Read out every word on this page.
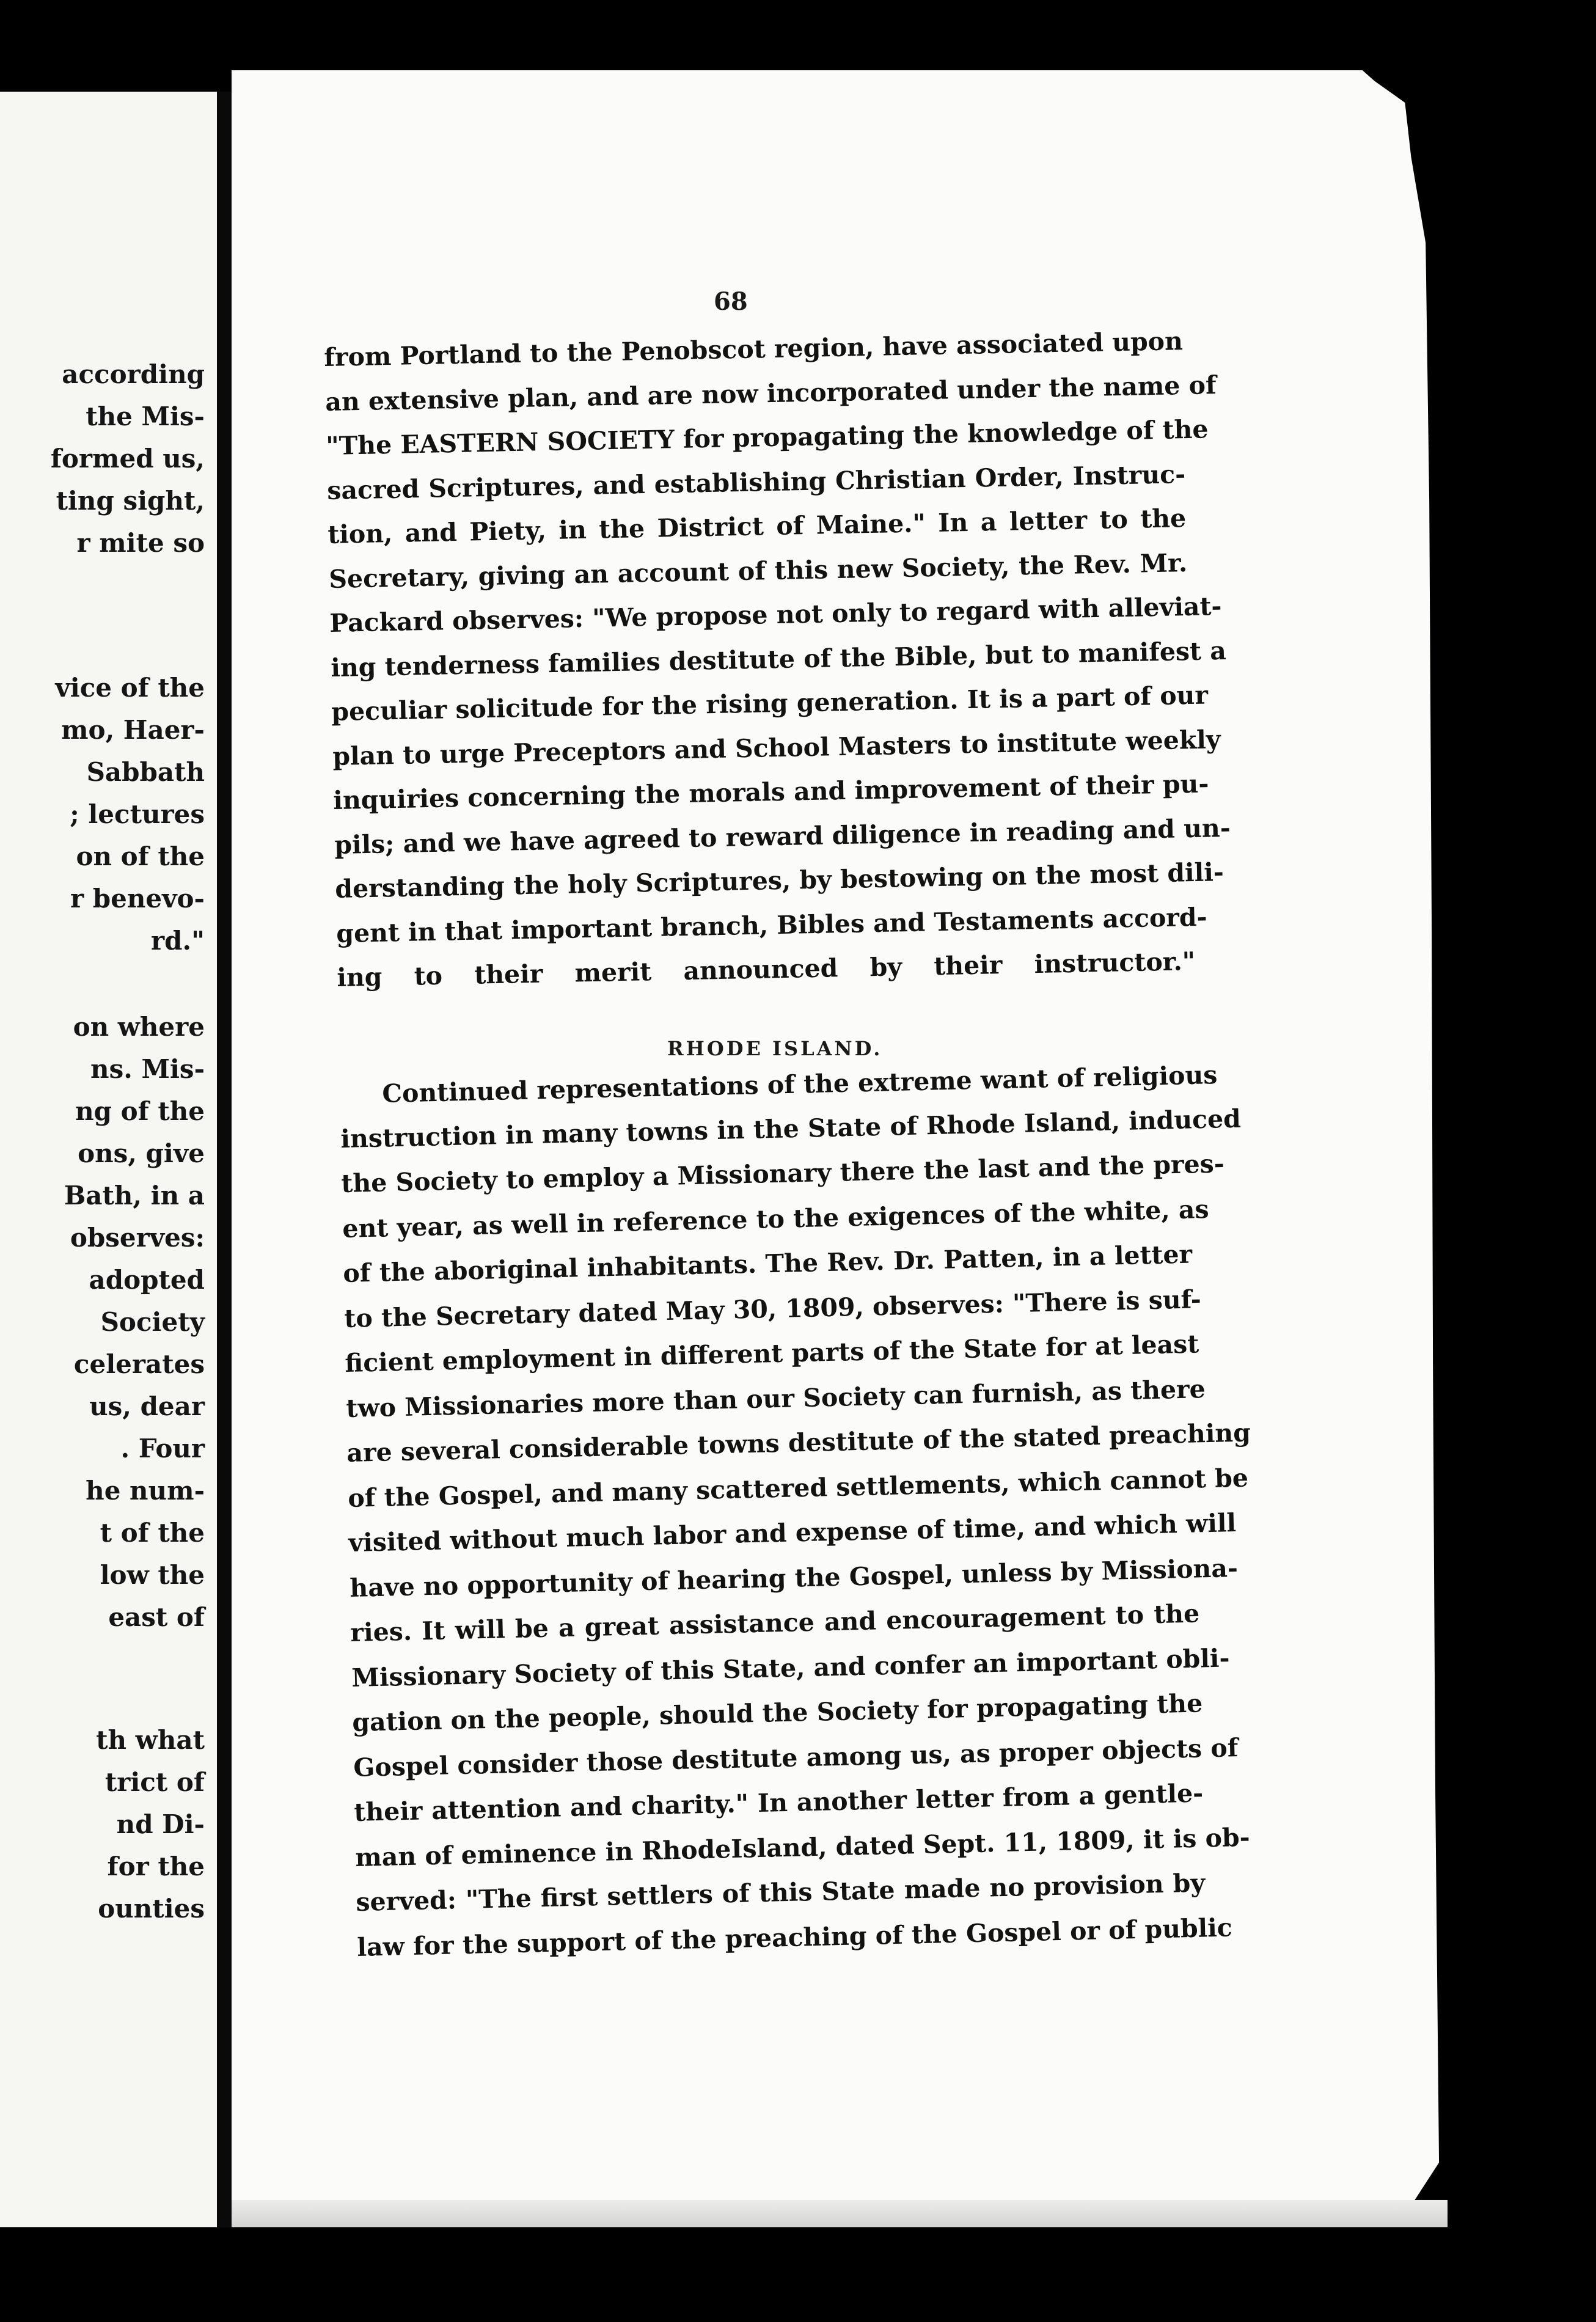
according
the Mis-
formed us,
ting sight,
r mite so
vice of the
mo, Haer-
Sabbath
; lectures
on of the
r benevo-
rd."
on where
ns. Mis-
ng of the
ons, give
Bath, in a
observes:
adopted
Society
celerates
us, dear
. Four
he num-
t of the
low the
east of
th what
trict of
nd Di-
for the
ounties
68
from Portland to the Penobscot region, have associated upon
an extensive plan, and are now incorporated under the name of
"The EASTERN SOCIETY for propagating the knowledge of the
sacred Scriptures, and establishing Christian Order, Instruc-
tion, and Piety, in the District of Maine." In a letter to the
Secretary, giving an account of this new Society, the Rev. Mr.
Packard observes: "We propose not only to regard with alleviat-
ing tenderness families destitute of the Bible, but to manifest a
peculiar solicitude for the rising generation. It is a part of our
plan to urge Preceptors and School Masters to institute weekly
inquiries concerning the morals and improvement of their pu-
pils; and we have agreed to reward diligence in reading and un-
derstanding the holy Scriptures, by bestowing on the most dili-
gent in that important branch, Bibles and Testaments accord-
ing to their merit announced by their instructor."
RHODE ISLAND.
Continued representations of the extreme want of religious
instruction in many towns in the State of Rhode Island, induced
the Society to employ a Missionary there the last and the pres-
ent year, as well in reference to the exigences of the white, as
of the aboriginal inhabitants. The Rev. Dr. Patten, in a letter
to the Secretary dated May 30, 1809, observes: "There is suf-
ficient employment in different parts of the State for at least
two Missionaries more than our Society can furnish, as there
are several considerable towns destitute of the stated preaching
of the Gospel, and many scattered settlements, which cannot be
visited without much labor and expense of time, and which will
have no opportunity of hearing the Gospel, unless by Missiona-
ries. It will be a great assistance and encouragement to the
Missionary Society of this State, and confer an important obli-
gation on the people, should the Society for propagating the
Gospel consider those destitute among us, as proper objects of
their attention and charity." In another letter from a gentle-
man of eminence in RhodeIsland, dated Sept. 11, 1809, it is ob-
served: "The first settlers of this State made no provision by
law for the support of the preaching of the Gospel or of public
